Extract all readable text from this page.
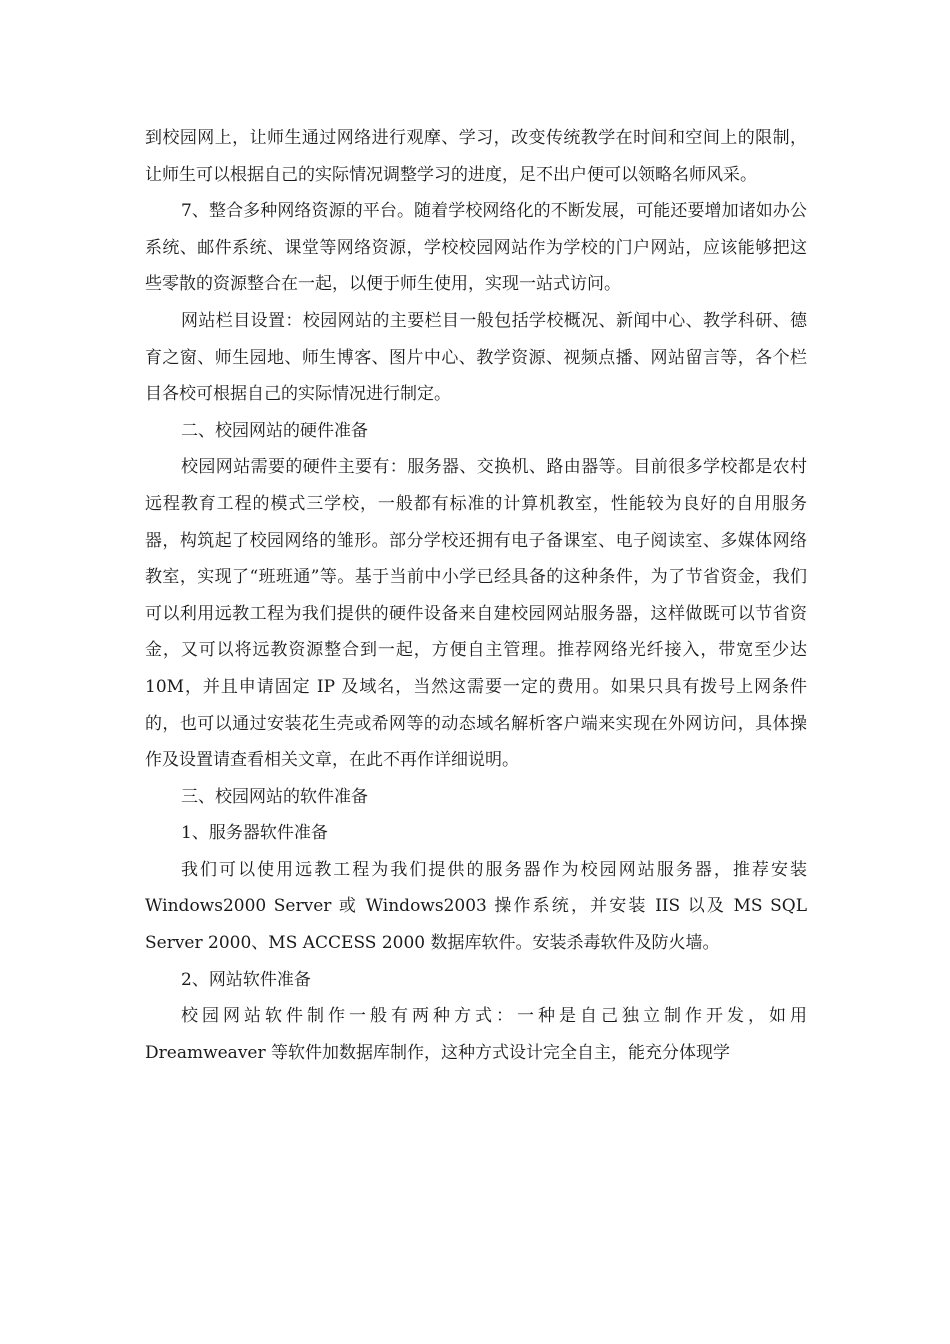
到校园网上，让师生通过网络进行观摩、学习，改变传统教学在时间和空间上的限制，让师生可以根据自己的实际情况调整学习的进度，足不出户便可以领略名师风采。

7、整合多种网络资源的平台。随着学校网络化的不断发展，可能还要增加诸如办公系统、邮件系统、课堂等网络资源，学校校园网站作为学校的门户网站，应该能够把这些零散的资源整合在一起，以便于师生使用，实现一站式访问。

网站栏目设置：校园网站的主要栏目一般包括学校概况、新闻中心、教学科研、德育之窗、师生园地、师生博客、图片中心、教学资源、视频点播、网站留言等，各个栏目各校可根据自己的实际情况进行制定。

二、校园网站的硬件准备

校园网站需要的硬件主要有：服务器、交换机、路由器等。目前很多学校都是农村远程教育工程的模式三学校，一般都有标准的计算机教室，性能较为良好的自用服务器，构筑起了校园网络的雏形。部分学校还拥有电子备课室、电子阅读室、多媒体网络教室，实现了“班班通”等。基于当前中小学已经具备的这种条件，为了节省资金，我们可以利用远教工程为我们提供的硬件设备来自建校园网站服务器，这样做既可以节省资金，又可以将远教资源整合到一起，方便自主管理。推荐网络光纤接入，带宽至少达 10M，并且申请固定 IP 及域名，当然这需要一定的费用。如果只具有拨号上网条件的，也可以通过安装花生壳或希网等的动态域名解析客户端来实现在外网访问，具体操作及设置请查看相关文章，在此不再作详细说明。

三、校园网站的软件准备

1、服务器软件准备

我们可以使用远教工程为我们提供的服务器作为校园网站服务器，推荐安装 Windows2000 Server 或 Windows2003 操作系统，并安装 IIS 以及 MS SQL Server 2000、MS ACCESS 2000 数据库软件。安装杀毒软件及防火墙。

2、网站软件准备

校园网站软件制作一般有两种方式：一种是自己独立制作开发，如用 Dreamweaver 等软件加数据库制作，这种方式设计完全自主，能充分体现学
